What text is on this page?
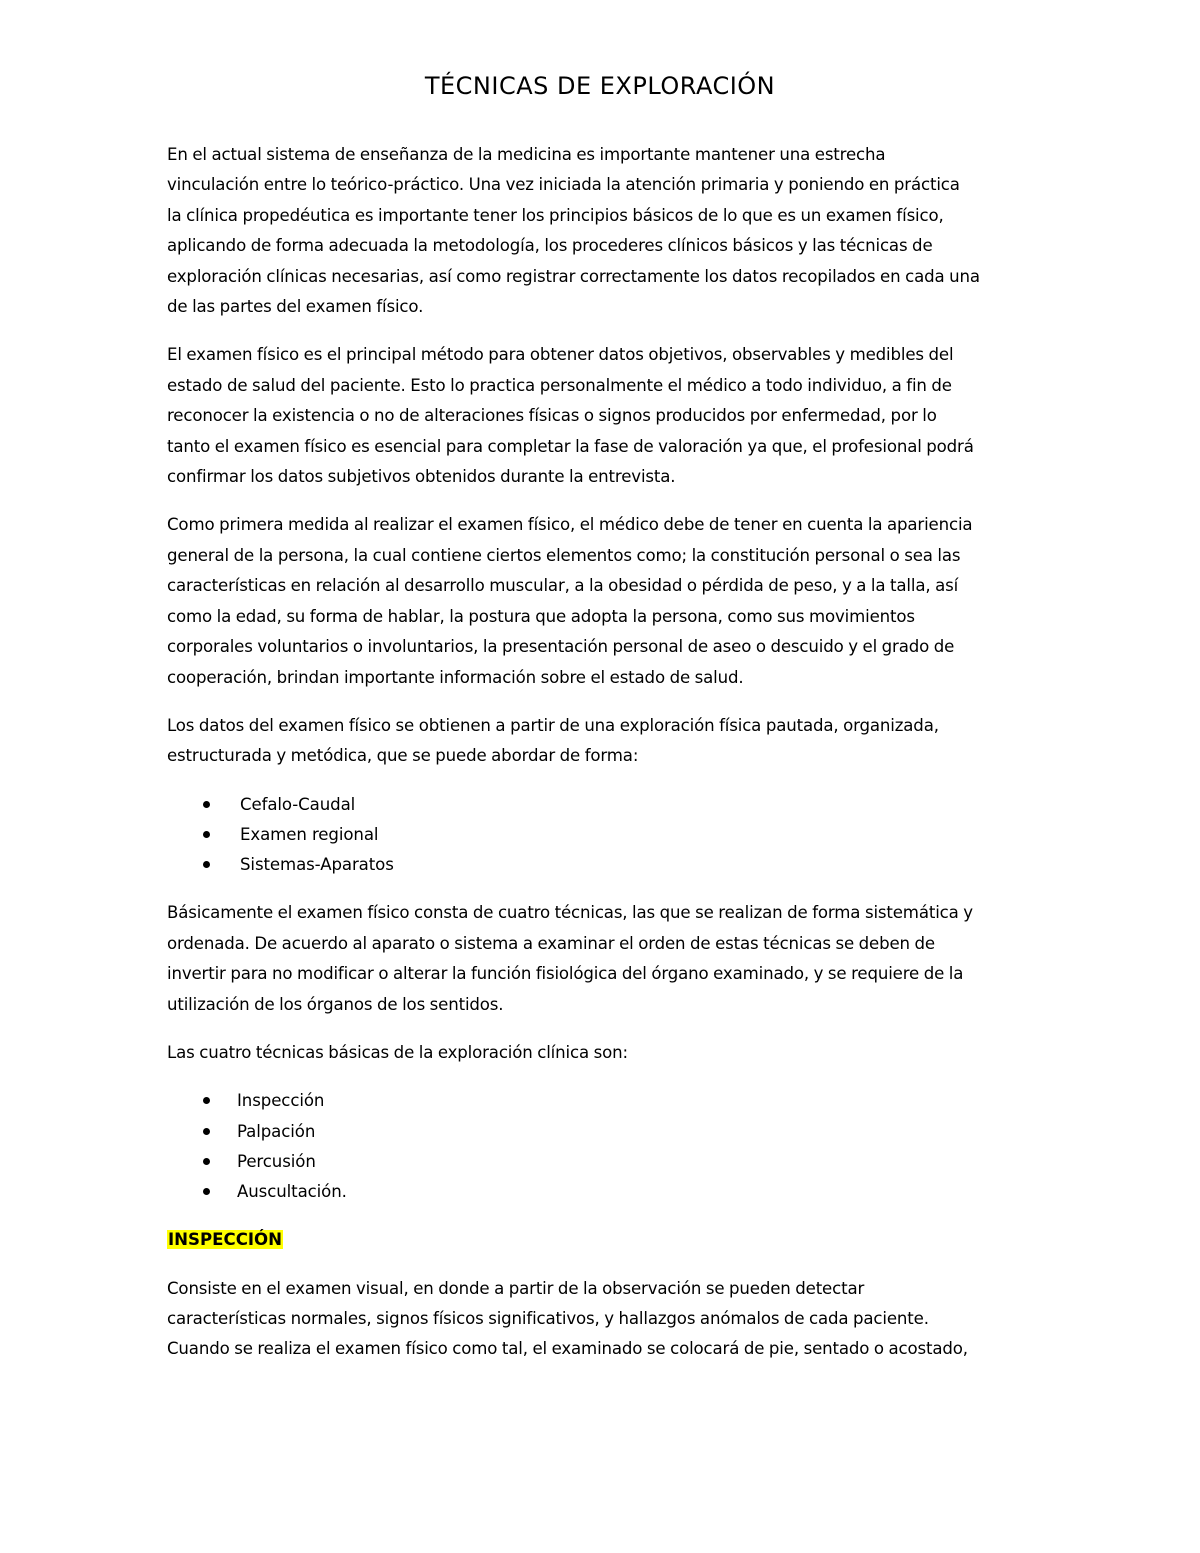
TÉCNICAS DE EXPLORACIÓN

En el actual sistema de enseñanza de la medicina es importante mantener una estrecha
vinculación entre lo teórico-práctico. Una vez iniciada la atención primaria y poniendo en práctica
la clínica propedéutica es importante tener los principios básicos de lo que es un examen físico,
aplicando de forma adecuada la metodología, los procederes clínicos básicos y las técnicas de
exploración clínicas necesarias, así como registrar correctamente los datos recopilados en cada una
de las partes del examen físico.

El examen físico es el principal método para obtener datos objetivos, observables y medibles del
estado de salud del paciente. Esto lo practica personalmente el médico a todo individuo, a fin de
reconocer la existencia o no de alteraciones físicas o signos producidos por enfermedad, por lo
tanto el examen físico es esencial para completar la fase de valoración ya que, el profesional podrá
confirmar los datos subjetivos obtenidos durante la entrevista.

Como primera medida al realizar el examen físico, el médico debe de tener en cuenta la apariencia
general de la persona, la cual contiene ciertos elementos como; la constitución personal o sea las
características en relación al desarrollo muscular, a la obesidad o pérdida de peso, y a la talla, así
como la edad, su forma de hablar, la postura que adopta la persona, como sus movimientos
corporales voluntarios o involuntarios, la presentación personal de aseo o descuido y el grado de
cooperación, brindan importante información sobre el estado de salud.

Los datos del examen físico se obtienen a partir de una exploración física pautada, organizada,
estructurada y metódica, que se puede abordar de forma:

Cefalo-Caudal
Examen regional
Sistemas-Aparatos

Básicamente el examen físico consta de cuatro técnicas, las que se realizan de forma sistemática y
ordenada. De acuerdo al aparato o sistema a examinar el orden de estas técnicas se deben de
invertir para no modificar o alterar la función fisiológica del órgano examinado, y se requiere de la
utilización de los órganos de los sentidos.

Las cuatro técnicas básicas de la exploración clínica son:

Inspección
Palpación
Percusión
Auscultación.

INSPECCIÓN

Consiste en el examen visual, en donde a partir de la observación se pueden detectar
características normales, signos físicos significativos, y hallazgos anómalos de cada paciente.
Cuando se realiza el examen físico como tal, el examinado se colocará de pie, sentado o acostado,
